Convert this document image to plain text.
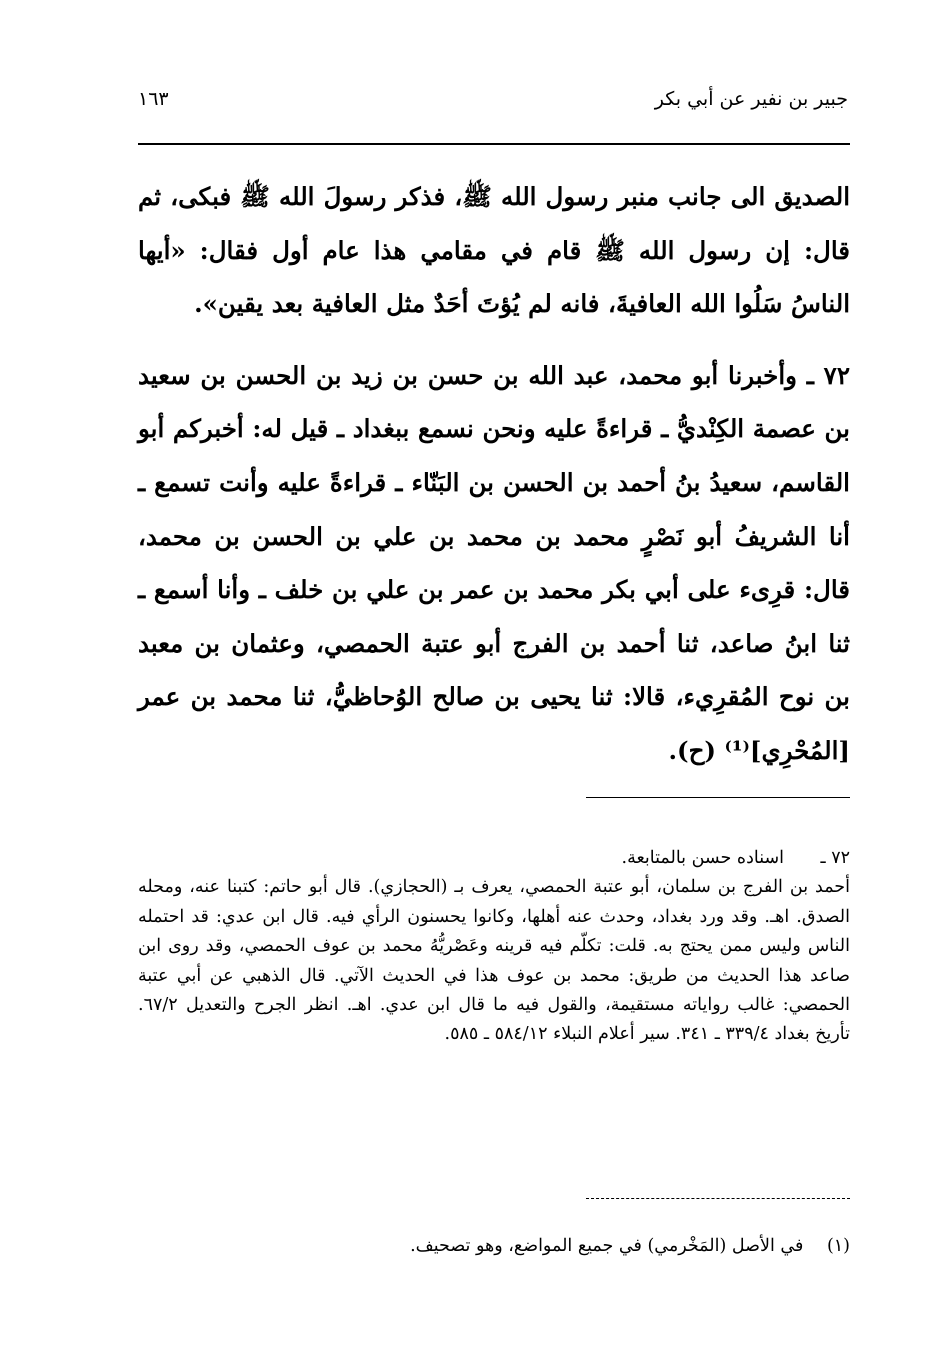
جبير بن نفير عن أبي بكر
١٦٣

الصديق الى جانب منبر رسول الله ﷺ، فذكر رسولَ الله ﷺ فبكى، ثم قال: إن رسول الله ﷺ قام في مقامي هذا عام أول فقال: «أيها الناسُ سَلُوا الله العافيةَ، فانه لم يُؤتَ أحَدٌ مثل العافية بعد يقين».

٧٢ ـ وأخبرنا أبو محمد، عبد الله بن حسن بن زيد بن الحسن بن سعيد بن عصمة الكِنْديُّ ـ قراءةً عليه ونحن نسمع ببغداد ـ قيل له: أخبركم أبو القاسم، سعيدُ بنُ أحمد بن الحسن بن البَنّاء ـ قراءةً عليه وأنت تسمع ـ أنا الشريفُ أبو نَصْرٍ محمد بن محمد بن علي بن الحسن بن محمد، قال: قرِىء على أبي بكر محمد بن عمر بن علي بن خلف ـ وأنا أسمع ـ ثنا ابنُ صاعد، ثنا أحمد بن الفرج أبو عتبة الحمصي، وعثمان بن معبد بن نوح المُقرِيء، قالا: ثنا يحيى بن صالح الوُحاظيُّ، ثنا محمد بن عمر [المُحْرِي]⁽¹⁾ (ح).

٧٢ ـ
اسناده حسن بالمتابعة.
أحمد بن الفرج بن سلمان، أبو عتبة الحمصي، يعرف بـ (الحجازي). قال أبو حاتم: كتبنا عنه، ومحله الصدق. اهـ. وقد ورد بغداد، وحدث عنه أهلها، وكانوا يحسنون الرأي فيه. قال ابن عدي: قد احتمله الناس وليس ممن يحتج به. قلت: تكلّم فيه قرينه وعَصْريُّهُ محمد بن عوف الحمصي، وقد روى ابن صاعد هذا الحديث من طريق: محمد بن عوف هذا في الحديث الآتي. قال الذهبي عن أبي عتبة الحمصي: غالب رواياته مستقيمة، والقول فيه ما قال ابن عدي. اهـ. انظر الجرح والتعديل ٦٧/٢. تأريخ بغداد ٣٣٩/٤ ـ ٣٤١. سير أعلام النبلاء ٥٨٤/١٢ ـ ٥٨٥.
(١) في الأصل (المَخْرمي) في جميع المواضع، وهو تصحيف.
